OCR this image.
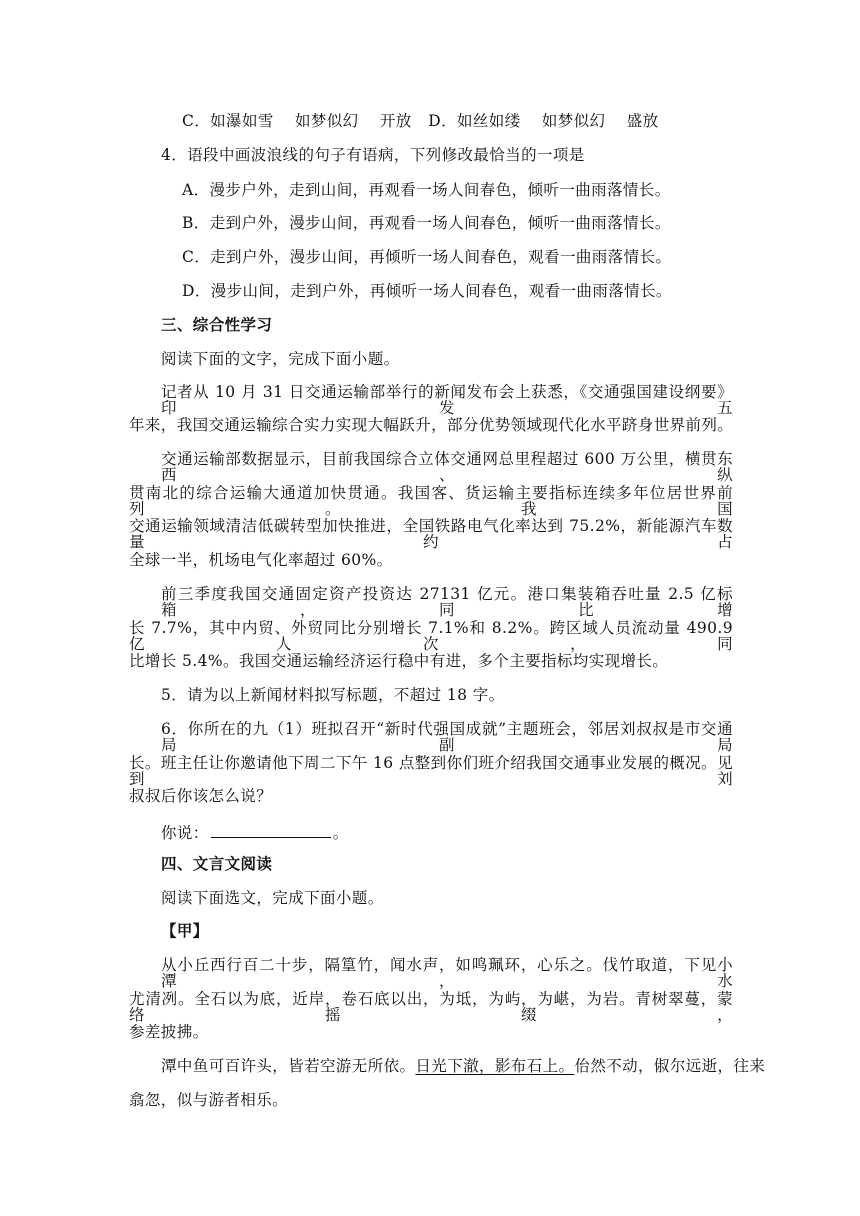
C．如瀑如雪　 如梦似幻　 开放 D．如丝如缕　 如梦似幻　 盛放
4．语段中画波浪线的句子有语病，下列修改最恰当的一项是
A．漫步户外，走到山间，再观看一场人间春色，倾听一曲雨落情长。
B．走到户外，漫步山间，再观看一场人间春色，倾听一曲雨落情长。
C．走到户外，漫步山间，再倾听一场人间春色，观看一曲雨落情长。
D．漫步山间，走到户外，再倾听一场人间春色，观看一曲雨落情长。
三、综合性学习
阅读下面的文字，完成下面小题。
记者从 10 月 31 日交通运输部举行的新闻发布会上获悉，《交通强国建设纲要》印发五
年来，我国交通运输综合实力实现大幅跃升，部分优势领域现代化水平跻身世界前列。
交通运输部数据显示，目前我国综合立体交通网总里程超过 600 万公里，横贯东西、纵
贯南北的综合运输大通道加快贯通。我国客、货运输主要指标连续多年位居世界前列。我国
交通运输领域清洁低碳转型加快推进，全国铁路电气化率达到 75.2%，新能源汽车数量约占
全球一半，机场电气化率超过 60%。
前三季度我国交通固定资产投资达 27131 亿元。港口集装箱吞吐量 2.5 亿标箱，同比增
长 7.7%，其中内贸、外贸同比分别增长 7.1%和 8.2%。跨区域人员流动量 490.9 亿人次，同
比增长 5.4%。我国交通运输经济运行稳中有进，多个主要指标均实现增长。
5．请为以上新闻材料拟写标题，不超过 18 字。
6．你所在的九（1）班拟召开“新时代强国成就”主题班会，邻居刘叔叔是市交通局副局
长。班主任让你邀请他下周二下午 16 点整到你们班介绍我国交通事业发展的概况。见到刘
叔叔后你该怎么说？
你说：	。
四、文言文阅读
阅读下面选文，完成下面小题。
【甲】
从小丘西行百二十步，隔篁竹，闻水声，如鸣珮环，心乐之。伐竹取道，下见小潭，水
尤清冽。全石以为底，近岸，卷石底以出，为坻，为屿，为嵁，为岩。青树翠蔓，蒙络摇缀，
参差披拂。
潭中鱼可百许头，皆若空游无所依。日光下澈，影布石上。佁然不动，俶尔远逝，往来
翕忽，似与游者相乐。
